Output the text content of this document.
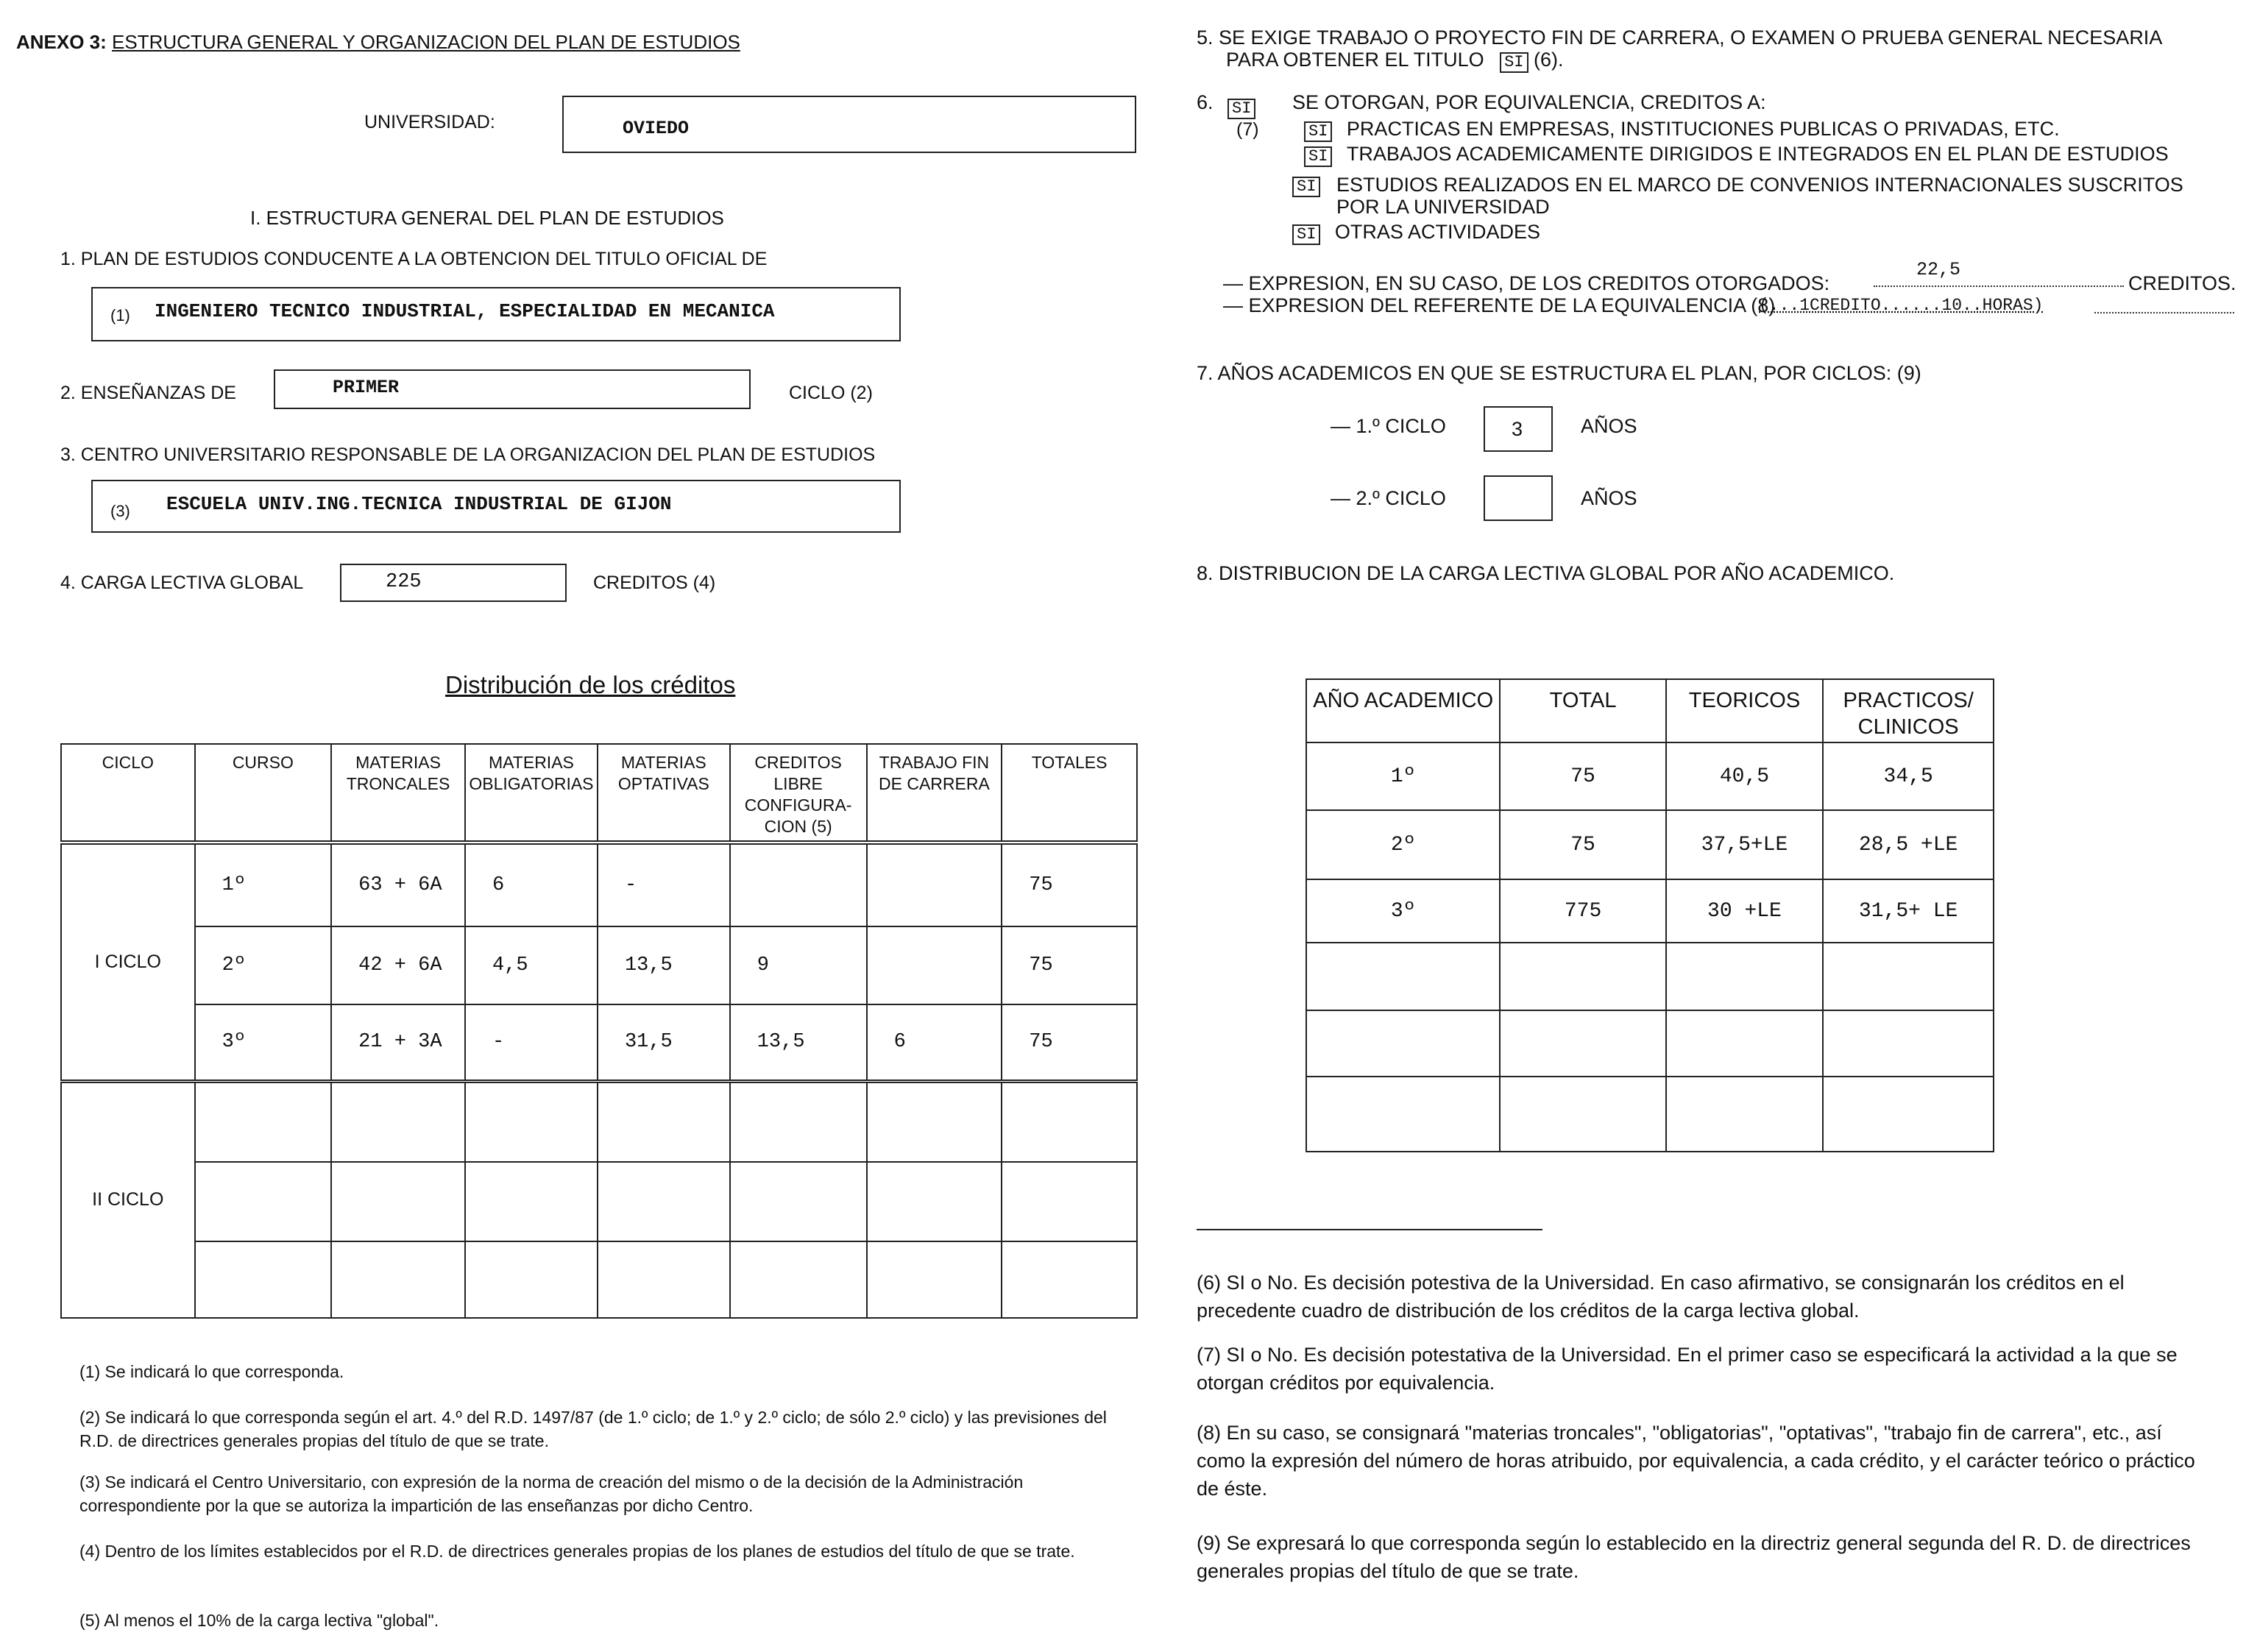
ANEXO 3: ESTRUCTURA GENERAL Y ORGANIZACION DEL PLAN DE ESTUDIOS
UNIVERSIDAD:	OVIEDO
I. ESTRUCTURA GENERAL DEL PLAN DE ESTUDIOS
1. PLAN DE ESTUDIOS CONDUCENTE A LA OBTENCION DEL TITULO OFICIAL DE
(1) INGENIERO TECNICO INDUSTRIAL, ESPECIALIDAD EN MECANICA
2. ENSEÑANZAS DE	PRIMER	CICLO (2)
3. CENTRO UNIVERSITARIO RESPONSABLE DE LA ORGANIZACION DEL PLAN DE ESTUDIOS
(3) ESCUELA UNIV.ING.TECNICA INDUSTRIAL DE GIJON
4. CARGA LECTIVA GLOBAL	225	CREDITOS (4)
Distribución de los créditos
CICLO	CURSO	MATERIAS TRONCALES	MATERIAS OBLIGATORIAS	MATERIAS OPTATIVAS	CREDITOS LIBRE CONFIGURA- CION (5)	TRABAJO FIN DE CARRERA	TOTALES
I CICLO	1º	63 + 6A	6	-			75
	2º	42 + 6A	4,5	13,5	9		75
	3º	21 + 3A	-	31,5	13,5	6	75
II CICLO							

(1) Se indicará lo que corresponda.
(2) Se indicará lo que corresponda según el art. 4.º del R.D. 1497/87 (de 1.º ciclo; de 1.º y 2.º ciclo; de sólo 2.º ciclo) y las previsiones del R.D. de directrices generales propias del título de que se trate.
(3) Se indicará el Centro Universitario, con expresión de la norma de creación del mismo o de la decisión de la Administración correspondiente por la que se autoriza la impartición de las enseñanzas por dicho Centro.
(4) Dentro de los límites establecidos por el R.D. de directrices generales propias de los planes de estudios del título de que se trate.
(5) Al menos el 10% de la carga lectiva "global".
5. SE EXIGE TRABAJO O PROYECTO FIN DE CARRERA, O EXAMEN O PRUEBA GENERAL NECESARIA
PARA OBTENER EL TITULO SI (6).
6. SI
(7)
SE OTORGAN, POR EQUIVALENCIA, CREDITOS A:
SI PRACTICAS EN EMPRESAS, INSTITUCIONES PUBLICAS O PRIVADAS, ETC.
SI TRABAJOS ACADEMICAMENTE DIRIGIDOS E INTEGRADOS EN EL PLAN DE ESTUDIOS
SI ESTUDIOS REALIZADOS EN EL MARCO DE CONVENIOS INTERNACIONALES SUSCRITOS POR LA UNIVERSIDAD
SI OTRAS ACTIVIDADES
— EXPRESION, EN SU CASO, DE LOS CREDITOS OTORGADOS:
22,5
CREDITOS.
— EXPRESION DEL REFERENTE DE LA EQUIVALENCIA (8)
(...1CREDITO......10..HORAS)
7. AÑOS ACADEMICOS EN QUE SE ESTRUCTURA EL PLAN, POR CICLOS: (9)
— 1.º CICLO	3	AÑOS
— 2.º CICLO	AÑOS
8. DISTRIBUCION DE LA CARGA LECTIVA GLOBAL POR AÑO ACADEMICO.
AÑO ACADEMICO	TOTAL	TEORICOS	PRACTICOS/ CLINICOS
1º	75	40,5	34,5
2º	75	37,5+LE	28,5 +LE
3º	775	30 +LE	31,5+ LE

(6) SI o No. Es decisión potestiva de la Universidad. En caso afirmativo, se consignarán los créditos en el precedente cuadro de distribución de los créditos de la carga lectiva global.
(7) SI o No. Es decisión potestativa de la Universidad. En el primer caso se especificará la actividad a la que se otorgan créditos por equivalencia.
(8) En su caso, se consignará "materias troncales", "obligatorias", "optativas", "trabajo fin de carrera", etc., así como la expresión del número de horas atribuido, por equivalencia, a cada crédito, y el carácter teórico o práctico de éste.
(9) Se expresará lo que corresponda según lo establecido en la directriz general segunda del R. D. de directrices generales propias del título de que se trate.
